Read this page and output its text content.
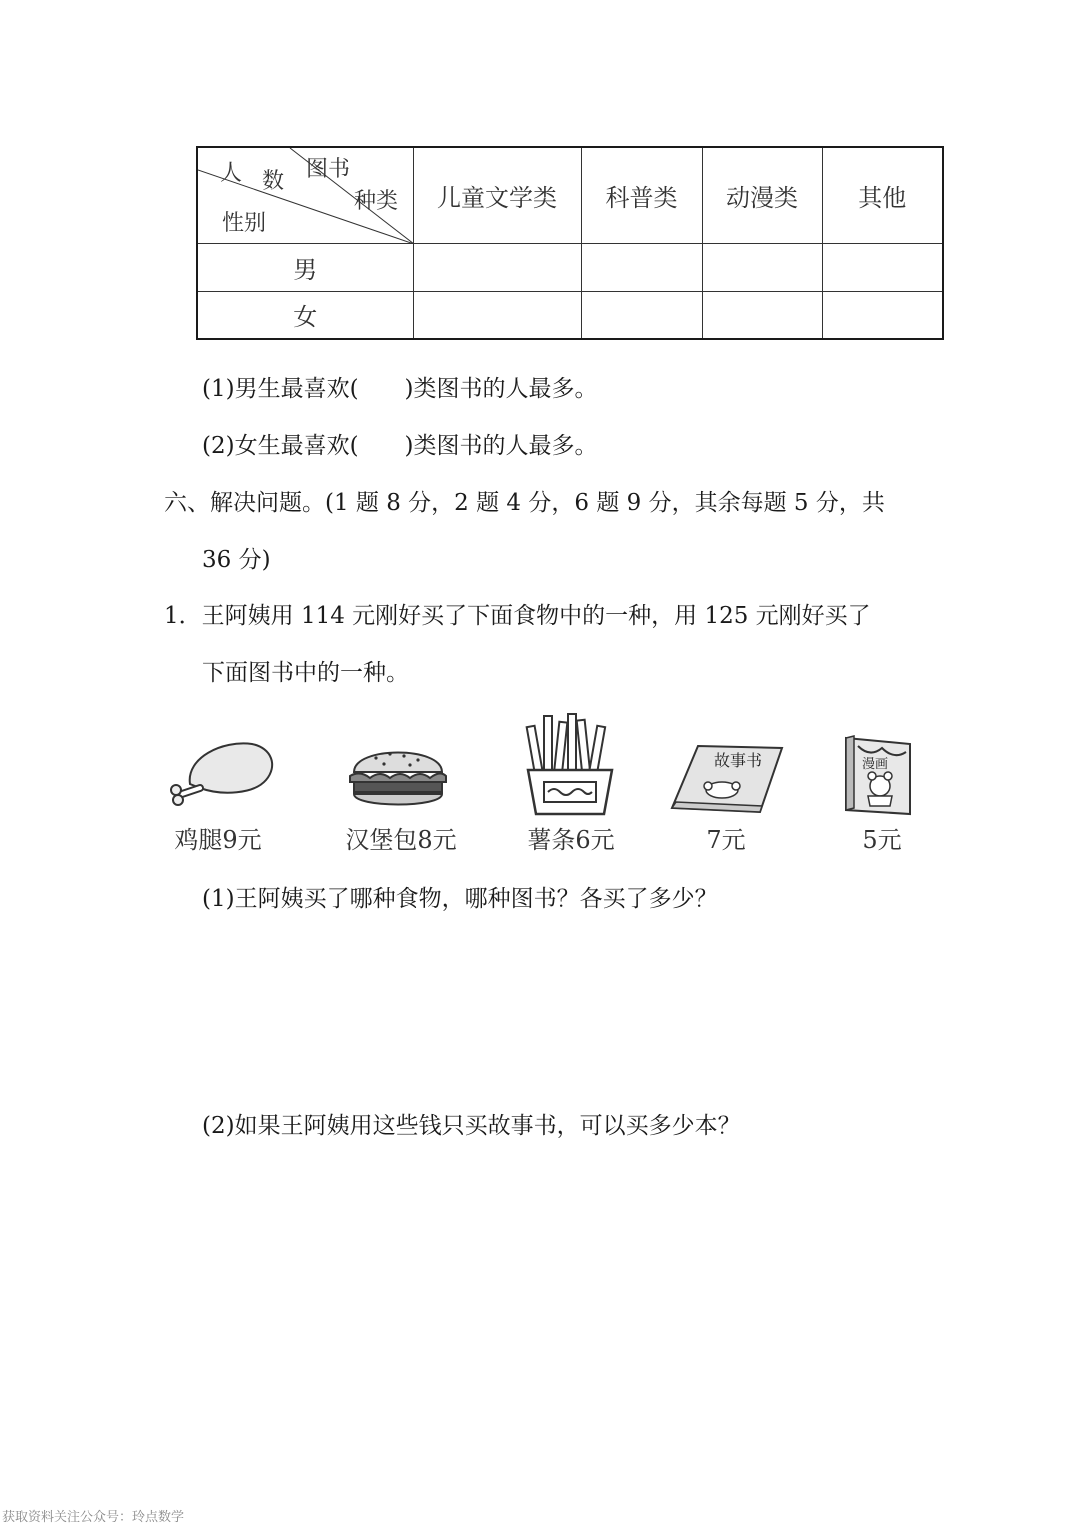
图书
种类
人 数
性别	儿童文学类	科普类	动漫类	其他
男				
女				
(1)男生最喜欢(　　)类图书的人最多。
(2)女生最喜欢(　　)类图书的人最多。
六、解决问题。(1 题 8 分，2 题 4 分，6 题 9 分，其余每题 5 分，共
36 分)
1．王阿姨用 114 元刚好买了下面食物中的一种，用 125 元刚好买了
下面图书中的一种。
故事书	漫画
鸡腿9元	汉堡包8元	薯条6元	7元	5元
(1)王阿姨买了哪种食物，哪种图书？各买了多少？
(2)如果王阿姨用这些钱只买故事书，可以买多少本？
获取资料关注公众号：玲点数学
